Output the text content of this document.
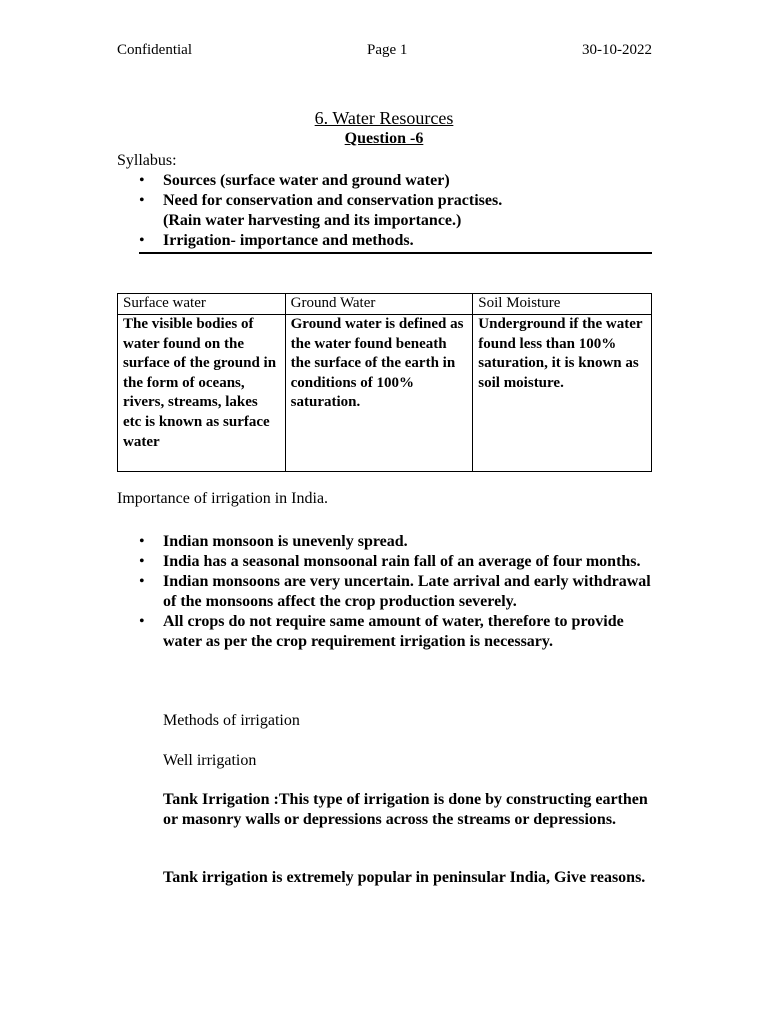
Confidential	Page 1	30-10-2022
6. Water Resources
Question -6
Syllabus:
• Sources (surface water and ground water)
• Need for conservation and conservation practises.
(Rain water harvesting and its importance.)
• Irrigation- importance and methods.
Surface water	Ground Water	Soil Moisture
The visible bodies of water found on the surface of the ground in the form of oceans, rivers, streams, lakes etc is known as surface water	Ground water is defined as the water found beneath the surface of the earth in conditions of 100% saturation.	Underground if the water found less than 100% saturation, it is known as soil moisture.
Importance of irrigation in India.
• Indian monsoon is unevenly spread.
• India has a seasonal monsoonal rain fall of an average of four months.
• Indian monsoons are very uncertain. Late arrival and early withdrawal of the monsoons affect the crop production severely.
• All crops do not require same amount of water, therefore to provide water as per the crop requirement irrigation is necessary.

Methods of irrigation

Well irrigation

Tank Irrigation :This type of irrigation is done by constructing earthen or masonry walls or depressions across the streams or depressions.

Tank irrigation is extremely popular in peninsular India, Give reasons.
